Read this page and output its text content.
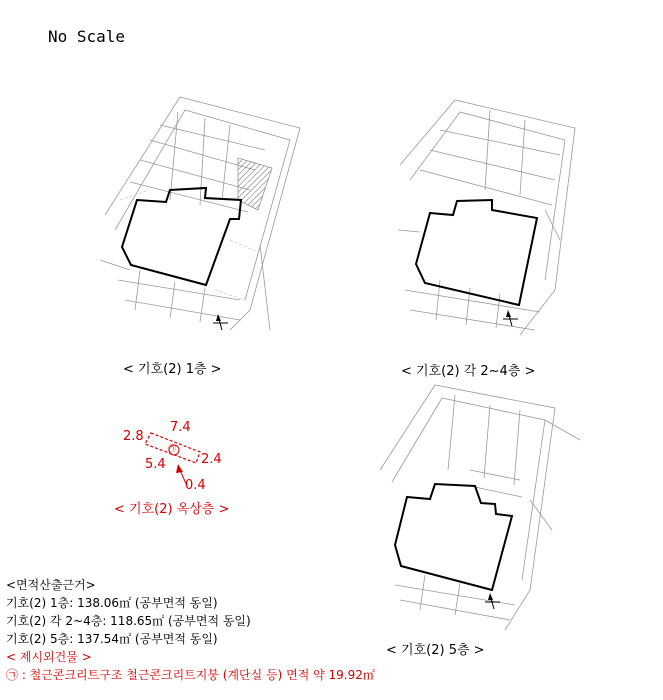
No Scale
7.4
2.8
㉠
5.4	2.4
0.4
< 기호(2) 1층 >	< 기호(2) 각 2~4층 >
< 기호(2) 옥상층 >
< 기호(2) 5층 >
<면적산출근거>
기호(2) 1층: 138.06㎡ (공부면적 동일)
기호(2) 각 2~4층: 118.65㎡ (공부면적 동일)
기호(2) 5층: 137.54㎡ (공부면적 동일)
< 제시외건물 >
㉠ : 철근콘크리트구조 철근콘크리트지붕 (계단실 등) 면적 약 19.92㎡
